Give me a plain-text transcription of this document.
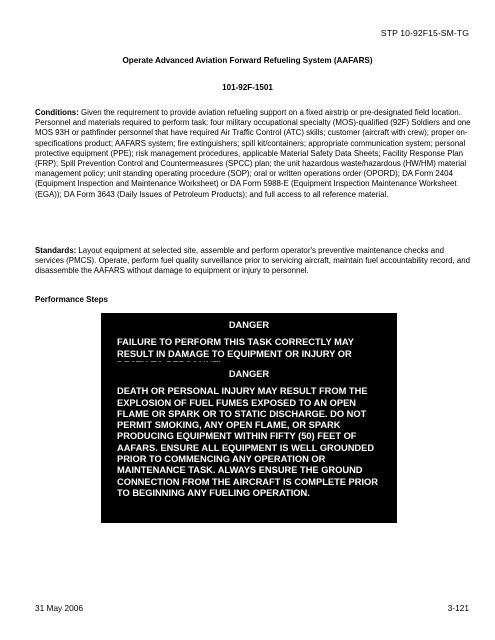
STP 10-92F15-SM-TG
Operate Advanced Aviation Forward Refueling System (AAFARS)
101-92F-1501

Conditions: Given the requirement to provide aviation refueling support on a fixed airstrip or pre-designated field location. Personnel and materials required to perform task: four military occupational specialty (MOS)-qualified (92F) Soldiers and one MOS 93H or pathfinder personnel that have required Air Traffic Control (ATC) skills; customer (aircraft with crew); proper on-specifications product; AAFARS system; fire extinguishers; spill kit/containers; appropriate communication system; personal protective equipment (PPE); risk management procedures, applicable Material Safety Data Sheets; Facility Response Plan (FRP); Spill Prevention Control and Countermeasures (SPCC) plan; the unit hazardous waste/hazardous (HW/HM) material management policy; unit standing operating procedure (SOP); oral or written operations order (OPORD); DA Form 2404 (Equipment Inspection and Maintenance Worksheet) or DA Form 5988-E (Equipment Inspection Maintenance Worksheet (EGA)); DA Form 3643 (Daily Issues of Petroleum Products); and full access to all reference material.

Standards: Layout equipment at selected site, assemble and perform operator's preventive maintenance checks and services (PMCS). Operate, perform fuel quality surveillance prior to servicing aircraft, maintain fuel accountability record, and disassemble the AAFARS without damage to equipment or injury to personnel.

Performance Steps
DANGER
FAILURE TO PERFORM THIS TASK CORRECTLY MAY RESULT IN DAMAGE TO EQUIPMENT OR INJURY OR
DANGER
DEATH OR PERSONAL INJURY MAY RESULT FROM THE EXPLOSION OF FUEL FUMES EXPOSED TO AN OPEN FLAME OR SPARK OR TO STATIC DISCHARGE. DO NOT PERMIT SMOKING, ANY OPEN FLAME, OR SPARK PRODUCING EQUIPMENT WITHIN FIFTY (50) FEET OF AAFARS. ENSURE ALL EQUIPMENT IS WELL GROUNDED PRIOR TO COMMENCING ANY OPERATION OR MAINTENANCE TASK. ALWAYS ENSURE THE GROUND CONNECTION FROM THE AIRCRAFT IS COMPLETE PRIOR TO BEGINNING ANY FUELING OPERATION.
31 May 2006	3-121
